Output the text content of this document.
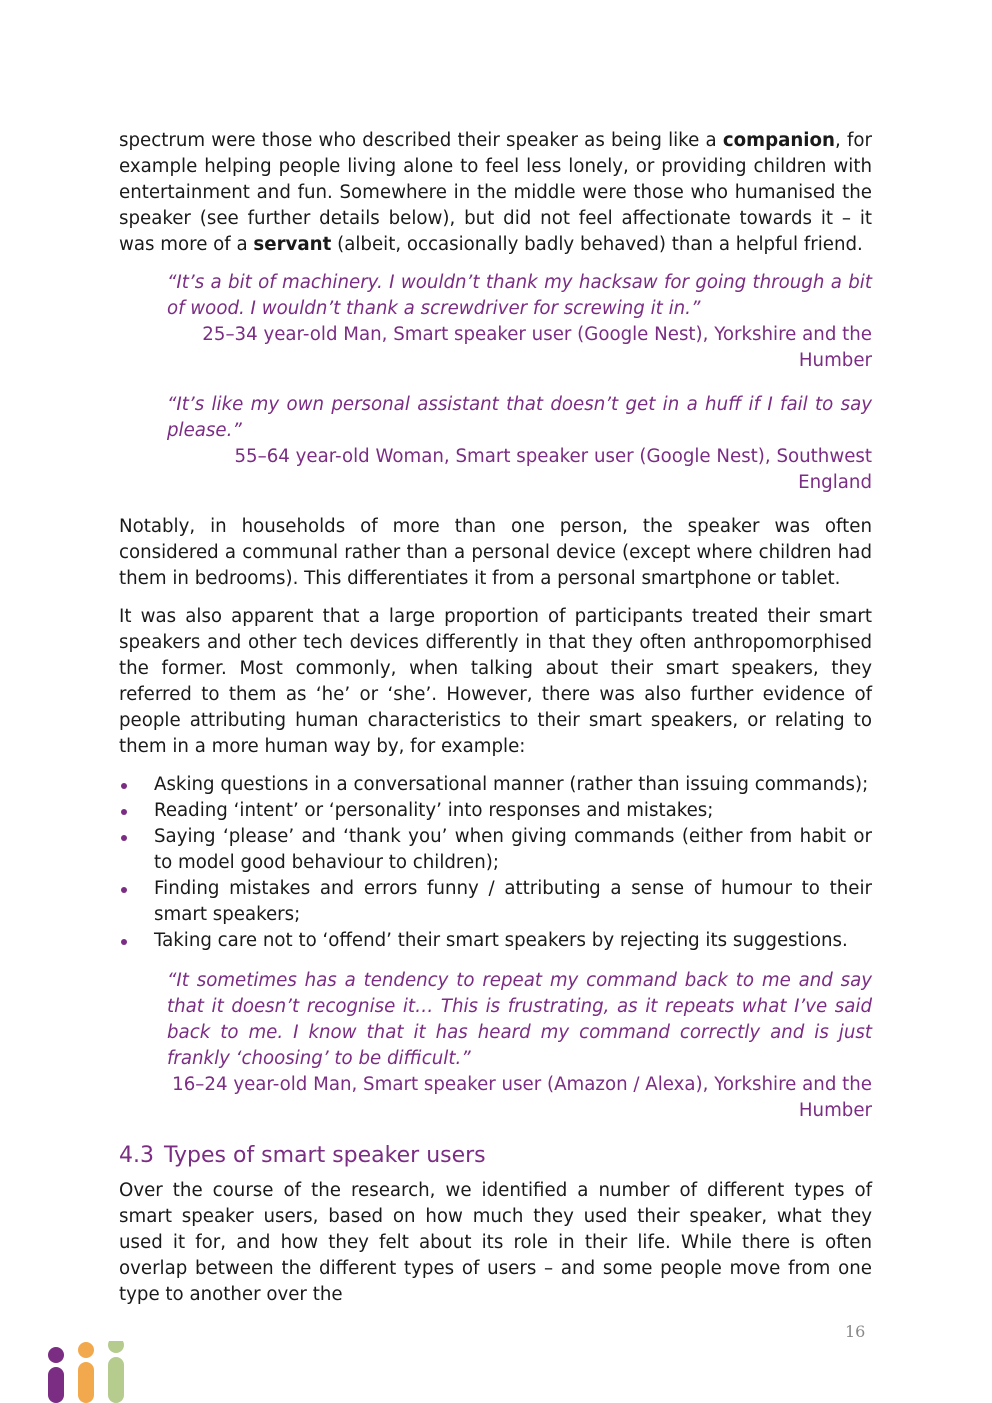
spectrum were those who described their speaker as being like a companion, for example helping people living alone to feel less lonely, or providing children with entertainment and fun. Somewhere in the middle were those who humanised the speaker (see further details below), but did not feel affectionate towards it – it was more of a servant (albeit, occasionally badly behaved) than a helpful friend.

“It’s a bit of machinery. I wouldn’t thank my hacksaw for going through a bit of wood. I wouldn’t thank a screwdriver for screwing it in.”

25–34 year-old Man, Smart speaker user (Google Nest), Yorkshire and the Humber

“It’s like my own personal assistant that doesn’t get in a huff if I fail to say please.”

55–64 year-old Woman, Smart speaker user (Google Nest), Southwest England

Notably, in households of more than one person, the speaker was often considered a communal rather than a personal device (except where children had them in bedrooms). This differentiates it from a personal smartphone or tablet.

It was also apparent that a large proportion of participants treated their smart speakers and other tech devices differently in that they often anthropomorphised the former. Most commonly, when talking about their smart speakers, they referred to them as ‘he’ or ‘she’. However, there was also further evidence of people attributing human characteristics to their smart speakers, or relating to them in a more human way by, for example:

Asking questions in a conversational manner (rather than issuing commands);
Reading ‘intent’ or ‘personality’ into responses and mistakes;
Saying ‘please’ and ‘thank you’ when giving commands (either from habit or to model good behaviour to children);
Finding mistakes and errors funny / attributing a sense of humour to their smart speakers;
Taking care not to ‘offend’ their smart speakers by rejecting its suggestions.

“It sometimes has a tendency to repeat my command back to me and say that it doesn’t recognise it… This is frustrating, as it repeats what I’ve said back to me. I know that it has heard my command correctly and is just frankly ‘choosing’ to be difficult.”

16–24 year-old Man, Smart speaker user (Amazon / Alexa), Yorkshire and the Humber

4.3 Types of smart speaker users

Over the course of the research, we identified a number of different types of smart speaker users, based on how much they used their speaker, what they used it for, and how they felt about its role in their life. While there is often overlap between the different types of users – and some people move from one type to another over the

16
